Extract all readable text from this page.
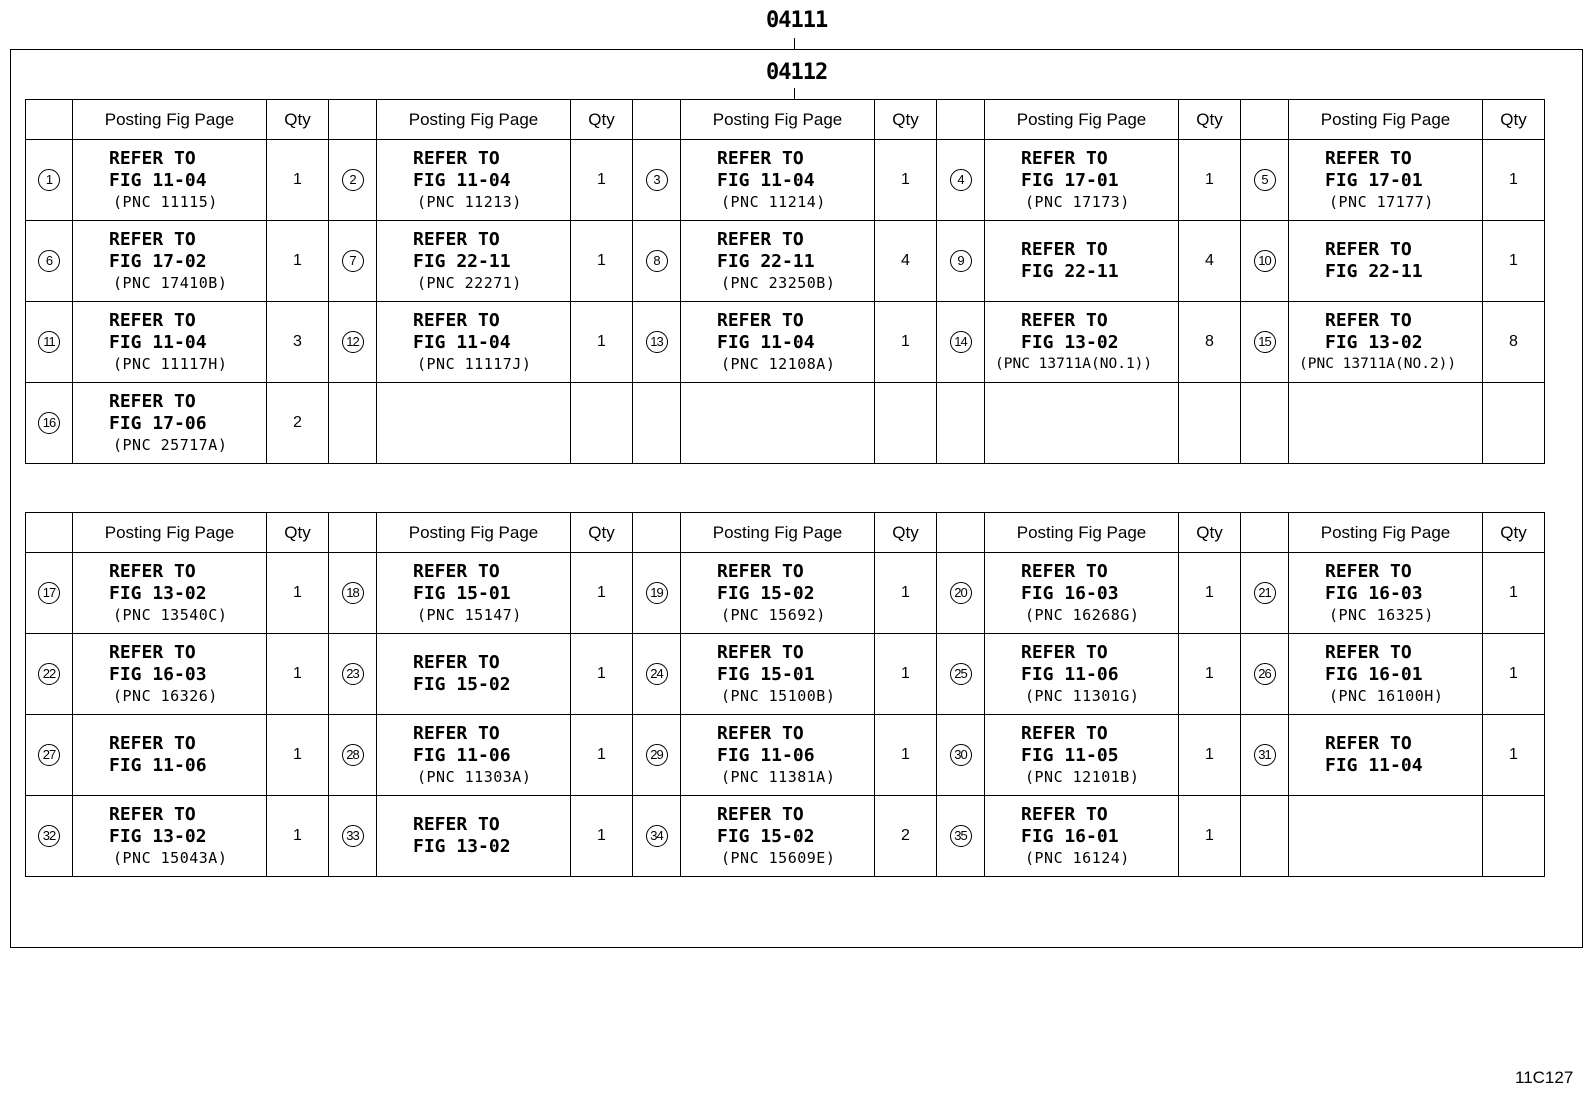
04111
04112
	Posting Fig Page	Qty		Posting Fig Page	Qty		Posting Fig Page	Qty		Posting Fig Page	Qty		Posting Fig Page	Qty
1	REFER TO
FIG 11-04
(PNC 11115)	1	2	REFER TO
FIG 11-04
(PNC 11213)	1	3	REFER TO
FIG 11-04
(PNC 11214)	1	4	REFER TO
FIG 17-01
(PNC 17173)	1	5	REFER TO
FIG 17-01
(PNC 17177)	1
6	REFER TO
FIG 17-02
(PNC 17410B)	1	7	REFER TO
FIG 22-11
(PNC 22271)	1	8	REFER TO
FIG 22-11
(PNC 23250B)	4	9	REFER TO
FIG 22-11	4	10	REFER TO
FIG 22-11	1
11	REFER TO
FIG 11-04
(PNC 11117H)	3	12	REFER TO
FIG 11-04
(PNC 11117J)	1	13	REFER TO
FIG 11-04
(PNC 12108A)	1	14	REFER TO
FIG 13-02
(PNC 13711A(NO.1))	8	15	REFER TO
FIG 13-02
(PNC 13711A(NO.2))	8
16	REFER TO
FIG 17-06
(PNC 25717A)	2												
	Posting Fig Page	Qty		Posting Fig Page	Qty		Posting Fig Page	Qty		Posting Fig Page	Qty		Posting Fig Page	Qty
17	REFER TO
FIG 13-02
(PNC 13540C)	1	18	REFER TO
FIG 15-01
(PNC 15147)	1	19	REFER TO
FIG 15-02
(PNC 15692)	1	20	REFER TO
FIG 16-03
(PNC 16268G)	1	21	REFER TO
FIG 16-03
(PNC 16325)	1
22	REFER TO
FIG 16-03
(PNC 16326)	1	23	REFER TO
FIG 15-02	1	24	REFER TO
FIG 15-01
(PNC 15100B)	1	25	REFER TO
FIG 11-06
(PNC 11301G)	1	26	REFER TO
FIG 16-01
(PNC 16100H)	1
27	REFER TO
FIG 11-06	1	28	REFER TO
FIG 11-06
(PNC 11303A)	1	29	REFER TO
FIG 11-06
(PNC 11381A)	1	30	REFER TO
FIG 11-05
(PNC 12101B)	1	31	REFER TO
FIG 11-04	1
32	REFER TO
FIG 13-02
(PNC 15043A)	1	33	REFER TO
FIG 13-02	1	34	REFER TO
FIG 15-02
(PNC 15609E)	2	35	REFER TO
FIG 16-01
(PNC 16124)	1			
11C127
